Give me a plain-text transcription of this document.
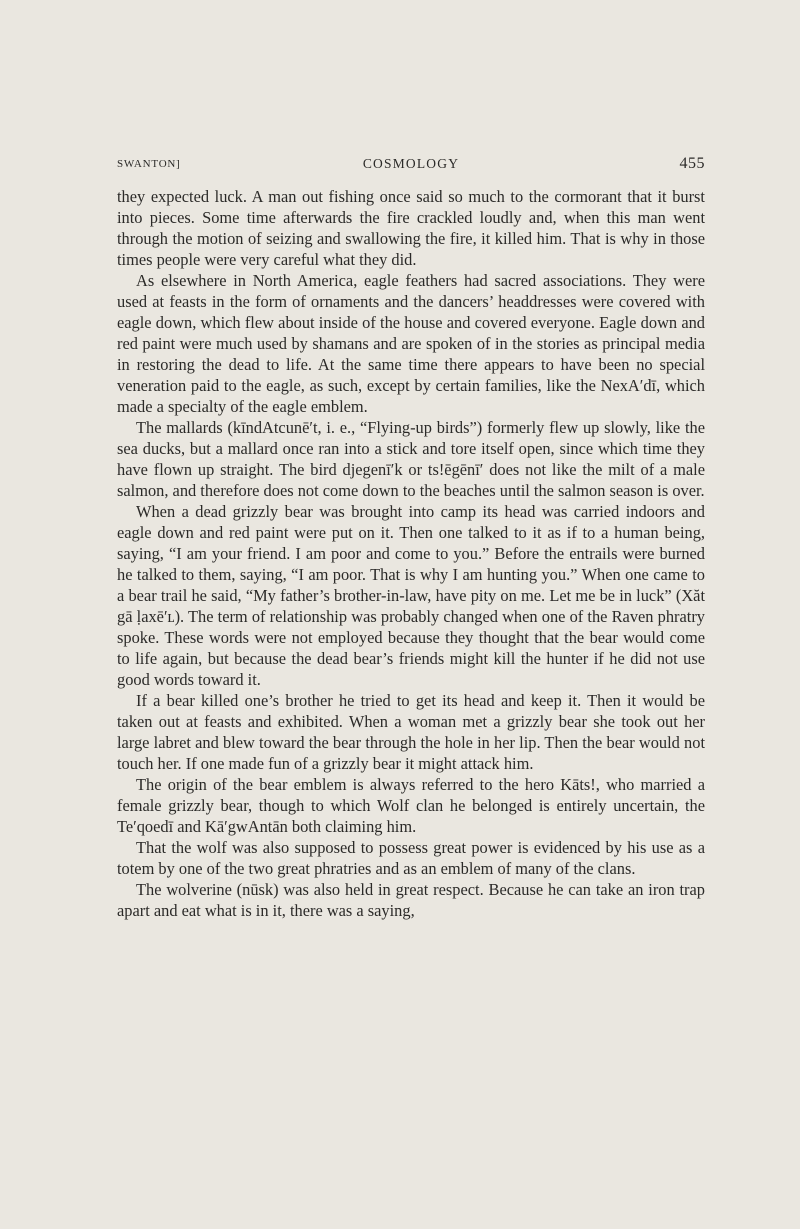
SWANTON]	COSMOLOGY	455

they expected luck. A man out fishing once said so much to the cormorant that it burst into pieces. Some time afterwards the fire crackled loudly and, when this man went through the motion of seizing and swallowing the fire, it killed him. That is why in those times people were very careful what they did.

As elsewhere in North America, eagle feathers had sacred associations. They were used at feasts in the form of ornaments and the dancers’ headdresses were covered with eagle down, which flew about inside of the house and covered everyone. Eagle down and red paint were much used by shamans and are spoken of in the stories as principal media in restoring the dead to life. At the same time there appears to have been no special veneration paid to the eagle, as such, except by certain families, like the NexA′dī, which made a specialty of the eagle emblem.

The mallards (kīndAtcunē′t, i. e., “Flying-up birds”) formerly flew up slowly, like the sea ducks, but a mallard once ran into a stick and tore itself open, since which time they have flown up straight. The bird djegenī′k or ts!ēgēnī′ does not like the milt of a male salmon, and therefore does not come down to the beaches until the salmon season is over.

When a dead grizzly bear was brought into camp its head was carried indoors and eagle down and red paint were put on it. Then one talked to it as if to a human being, saying, “I am your friend. I am poor and come to you.” Before the entrails were burned he talked to them, saying, “I am poor. That is why I am hunting you.” When one came to a bear trail he said, “My father’s brother-in-law, have pity on me. Let me be in luck” (Xăt gā ḷaxē′ʟ). The term of relationship was probably changed when one of the Raven phratry spoke. These words were not employed because they thought that the bear would come to life again, but because the dead bear’s friends might kill the hunter if he did not use good words toward it.

If a bear killed one’s brother he tried to get its head and keep it. Then it would be taken out at feasts and exhibited. When a woman met a grizzly bear she took out her large labret and blew toward the bear through the hole in her lip. Then the bear would not touch her. If one made fun of a grizzly bear it might attack him.

The origin of the bear emblem is always referred to the hero Kāts!, who married a female grizzly bear, though to which Wolf clan he belonged is entirely uncertain, the Te′qoedī and Kā′gwAntān both claiming him.

That the wolf was also supposed to possess great power is evidenced by his use as a totem by one of the two great phratries and as an emblem of many of the clans.

The wolverine (nūsk) was also held in great respect. Because he can take an iron trap apart and eat what is in it, there was a saying,
